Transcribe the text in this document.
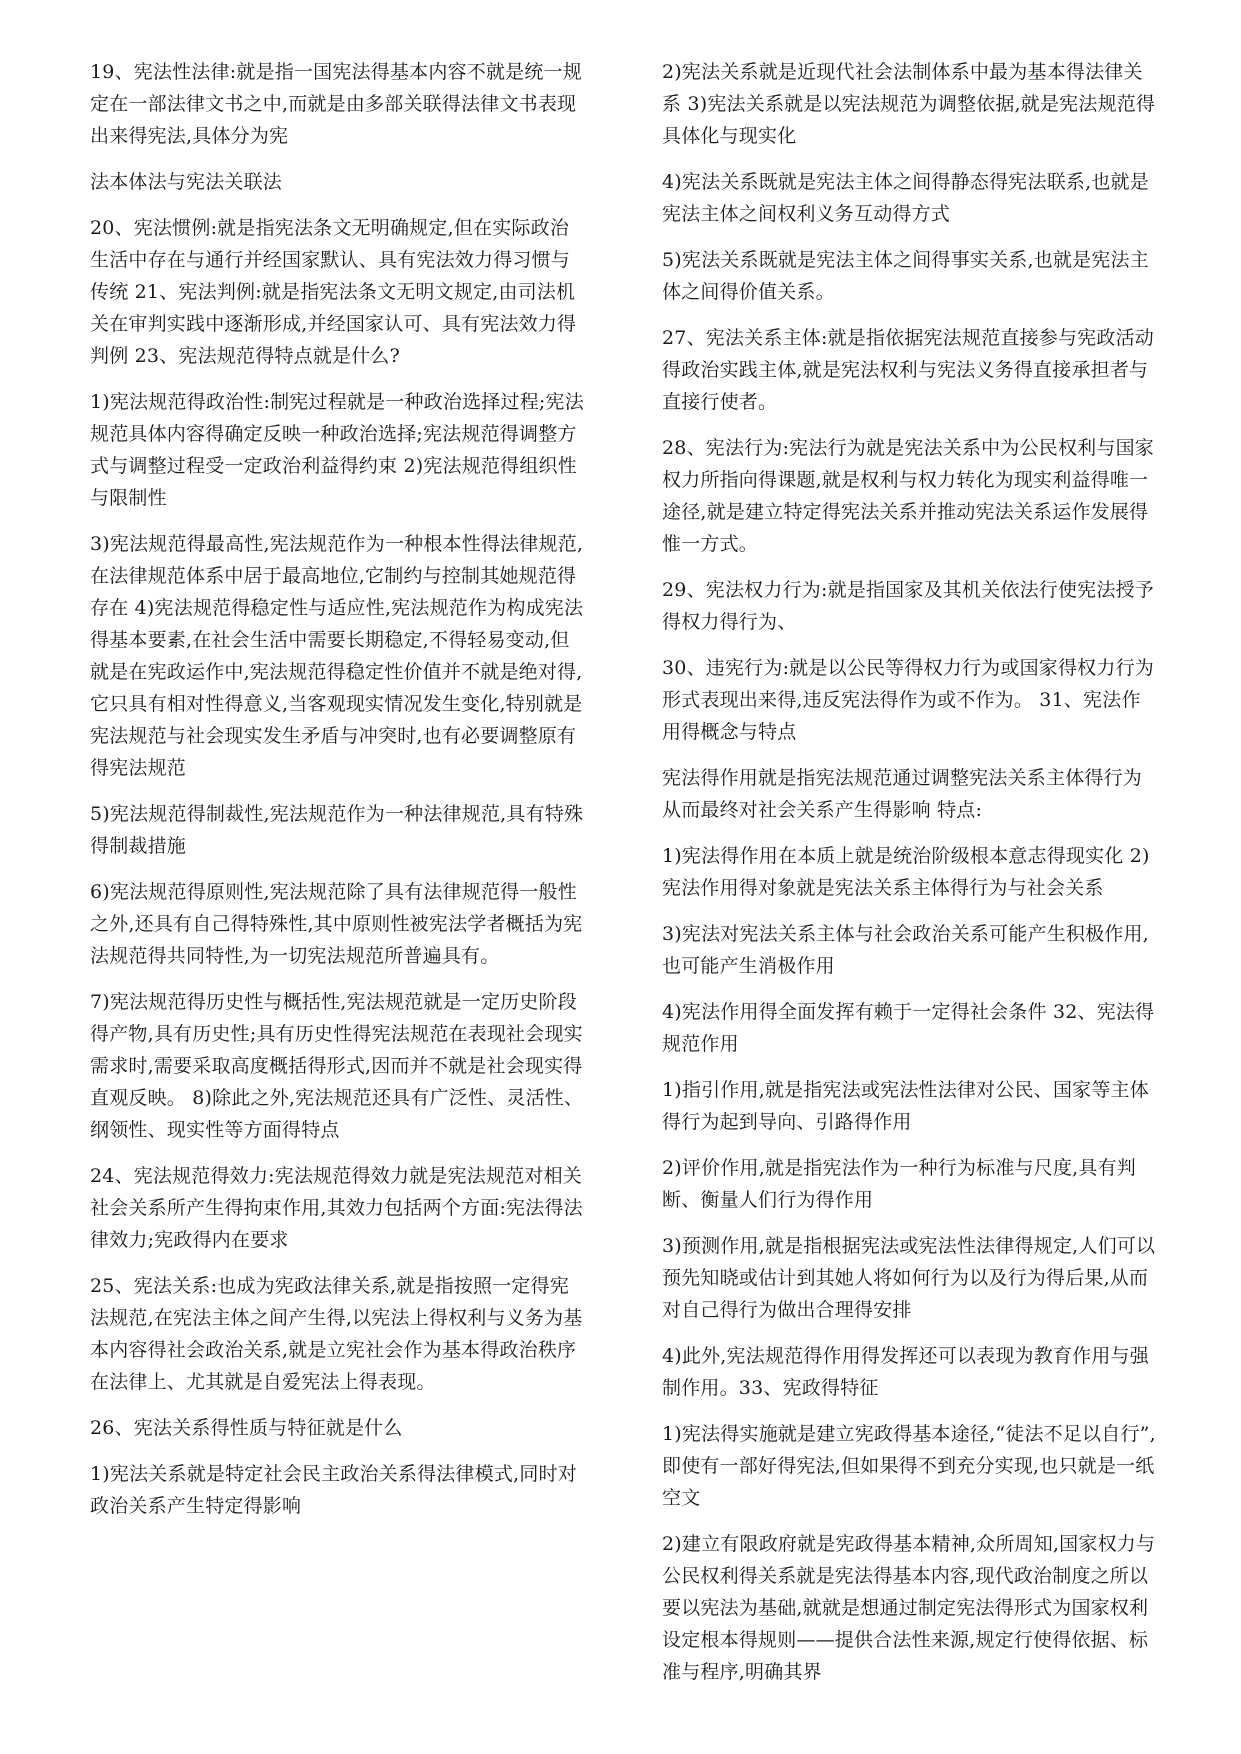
19、宪法性法律:就是指一国宪法得基本内容不就是统一规定在一部法律文书之中,而就是由多部关联得法律文书表现出来得宪法,具体分为宪

法本体法与宪法关联法

20、宪法惯例:就是指宪法条文无明确规定,但在实际政治生活中存在与通行并经国家默认、具有宪法效力得习惯与传统 21、宪法判例:就是指宪法条文无明文规定,由司法机关在审判实践中逐渐形成,并经国家认可、具有宪法效力得判例 23、宪法规范得特点就是什么?

1)宪法规范得政治性:制宪过程就是一种政治选择过程;宪法规范具体内容得确定反映一种政治选择;宪法规范得调整方式与调整过程受一定政治利益得约束 2)宪法规范得组织性与限制性

3)宪法规范得最高性,宪法规范作为一种根本性得法律规范,在法律规范体系中居于最高地位,它制约与控制其她规范得存在 4)宪法规范得稳定性与适应性,宪法规范作为构成宪法得基本要素,在社会生活中需要长期稳定,不得轻易变动,但就是在宪政运作中,宪法规范得稳定性价值并不就是绝对得,它只具有相对性得意义,当客观现实情况发生变化,特别就是宪法规范与社会现实发生矛盾与冲突时,也有必要调整原有得宪法规范

5)宪法规范得制裁性,宪法规范作为一种法律规范,具有特殊得制裁措施

6)宪法规范得原则性,宪法规范除了具有法律规范得一般性之外,还具有自己得特殊性,其中原则性被宪法学者概括为宪法规范得共同特性,为一切宪法规范所普遍具有。

7)宪法规范得历史性与概括性,宪法规范就是一定历史阶段得产物,具有历史性;具有历史性得宪法规范在表现社会现实需求时,需要采取高度概括得形式,因而并不就是社会现实得直观反映。 8)除此之外,宪法规范还具有广泛性、灵活性、纲领性、现实性等方面得特点

24、宪法规范得效力:宪法规范得效力就是宪法规范对相关社会关系所产生得拘束作用,其效力包括两个方面:宪法得法律效力;宪政得内在要求

25、宪法关系:也成为宪政法律关系,就是指按照一定得宪法规范,在宪法主体之间产生得,以宪法上得权利与义务为基本内容得社会政治关系,就是立宪社会作为基本得政治秩序在法律上、尤其就是自爱宪法上得表现。

26、宪法关系得性质与特征就是什么

1)宪法关系就是特定社会民主政治关系得法律模式,同时对政治关系产生特定得影响

2)宪法关系就是近现代社会法制体系中最为基本得法律关系 3)宪法关系就是以宪法规范为调整依据,就是宪法规范得具体化与现实化

4)宪法关系既就是宪法主体之间得静态得宪法联系,也就是宪法主体之间权利义务互动得方式

5)宪法关系既就是宪法主体之间得事实关系,也就是宪法主体之间得价值关系。

27、宪法关系主体:就是指依据宪法规范直接参与宪政活动得政治实践主体,就是宪法权利与宪法义务得直接承担者与直接行使者。

28、宪法行为:宪法行为就是宪法关系中为公民权利与国家权力所指向得课题,就是权利与权力转化为现实利益得唯一途径,就是建立特定得宪法关系并推动宪法关系运作发展得惟一方式。

29、宪法权力行为:就是指国家及其机关依法行使宪法授予得权力得行为、

30、违宪行为:就是以公民等得权力行为或国家得权力行为形式表现出来得,违反宪法得作为或不作为。 31、宪法作用得概念与特点

宪法得作用就是指宪法规范通过调整宪法关系主体得行为从而最终对社会关系产生得影响 特点:

1)宪法得作用在本质上就是统治阶级根本意志得现实化 2)宪法作用得对象就是宪法关系主体得行为与社会关系

3)宪法对宪法关系主体与社会政治关系可能产生积极作用,也可能产生消极作用

4)宪法作用得全面发挥有赖于一定得社会条件 32、宪法得规范作用

1)指引作用,就是指宪法或宪法性法律对公民、国家等主体得行为起到导向、引路得作用

2)评价作用,就是指宪法作为一种行为标准与尺度,具有判断、衡量人们行为得作用

3)预测作用,就是指根据宪法或宪法性法律得规定,人们可以预先知晓或估计到其她人将如何行为以及行为得后果,从而对自己得行为做出合理得安排

4)此外,宪法规范得作用得发挥还可以表现为教育作用与强制作用。33、宪政得特征

1)宪法得实施就是建立宪政得基本途径,“徒法不足以自行”,即使有一部好得宪法,但如果得不到充分实现,也只就是一纸空文

2)建立有限政府就是宪政得基本精神,众所周知,国家权力与公民权利得关系就是宪法得基本内容,现代政治制度之所以要以宪法为基础,就就是想通过制定宪法得形式为国家权利设定根本得规则——提供合法性来源,规定行使得依据、标准与程序,明确其界
